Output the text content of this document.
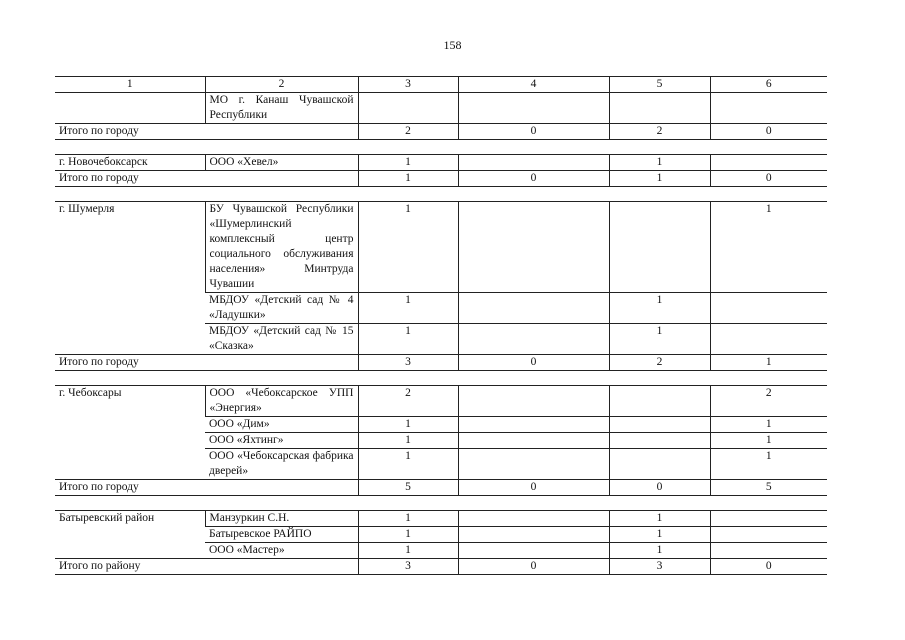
158
1	2	3	4	5	6
	МО г. Канаш Чувашской Республики				
Итого по городу		2	0	2	0

г. Новочебоксарск	ООО «Хевел»	1		1	
Итого по городу		1	0	1	0

г. Шумерля	БУ Чувашской Республики «Шумерлинский комплексный центр социального обслуживания населения» Минтруда Чувашии	1			1
	МБДОУ «Детский сад № 4 «Ладушки»	1		1	
	МБДОУ «Детский сад № 15 «Сказка»	1		1	
Итого по городу		3	0	2	1

г. Чебоксары	ООО «Чебоксарское УПП «Энергия»	2			2
	ООО «Дим»	1			1
	ООО «Яхтинг»	1			1
	ООО «Чебоксарская фабрика дверей»	1			1
Итого по городу		5	0	0	5

Батыревский район	Манзуркин С.Н.	1		1	
	Батыревское РАЙПО	1		1	
	ООО «Мастер»	1		1	
Итого по району		3	0	3	0
